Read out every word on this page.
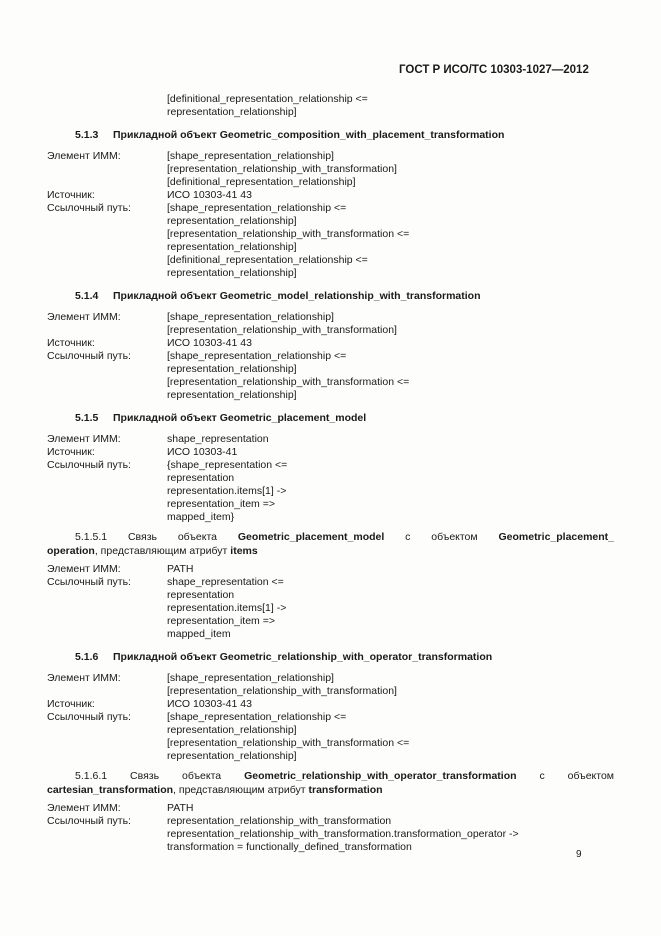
ГОСТ Р ИСО/ТС 10303-1027—2012
[definitional_representation_relationship <=
representation_relationship]
5.1.3 Прикладной объект Geometric_composition_with_placement_transformation
Элемент ИММ:	[shape_representation_relationship]
[representation_relationship_with_transformation]
[definitional_representation_relationship]
Источник:	ИСО 10303-41 43
Ссылочный путь:	[shape_representation_relationship <=
representation_relationship]
[representation_relationship_with_transformation <=
representation_relationship]
[definitional_representation_relationship <=
representation_relationship]
5.1.4 Прикладной объект Geometric_model_relationship_with_transformation
Элемент ИММ:	[shape_representation_relationship]
[representation_relationship_with_transformation]
Источник:	ИСО 10303-41 43
Ссылочный путь:	[shape_representation_relationship <=
representation_relationship]
[representation_relationship_with_transformation <=
representation_relationship]
5.1.5 Прикладной объект Geometric_placement_model
Элемент ИММ:	shape_representation
Источник:	ИСО 10303-41
Ссылочный путь:	{shape_representation <=
representation
representation.items[1] ->
representation_item =>
mapped_item}
5.1.5.1 Связь объекта Geometric_placement_model с объектом Geometric_placement_
operation, представляющим атрибут items
Элемент ИММ:	PATH
Ссылочный путь:	shape_representation <=
representation
representation.items[1] ->
representation_item =>
mapped_item
5.1.6 Прикладной объект Geometric_relationship_with_operator_transformation
Элемент ИММ:	[shape_representation_relationship]
[representation_relationship_with_transformation]
Источник:	ИСО 10303-41 43
Ссылочный путь:	[shape_representation_relationship <=
representation_relationship]
[representation_relationship_with_transformation <=
representation_relationship]
5.1.6.1 Связь объекта Geometric_relationship_with_operator_transformation с объектом
cartesian_transformation, представляющим атрибут transformation
Элемент ИММ:	PATH
Ссылочный путь:	representation_relationship_with_transformation
representation_relationship_with_transformation.transformation_operator ->
transformation = functionally_defined_transformation
9
